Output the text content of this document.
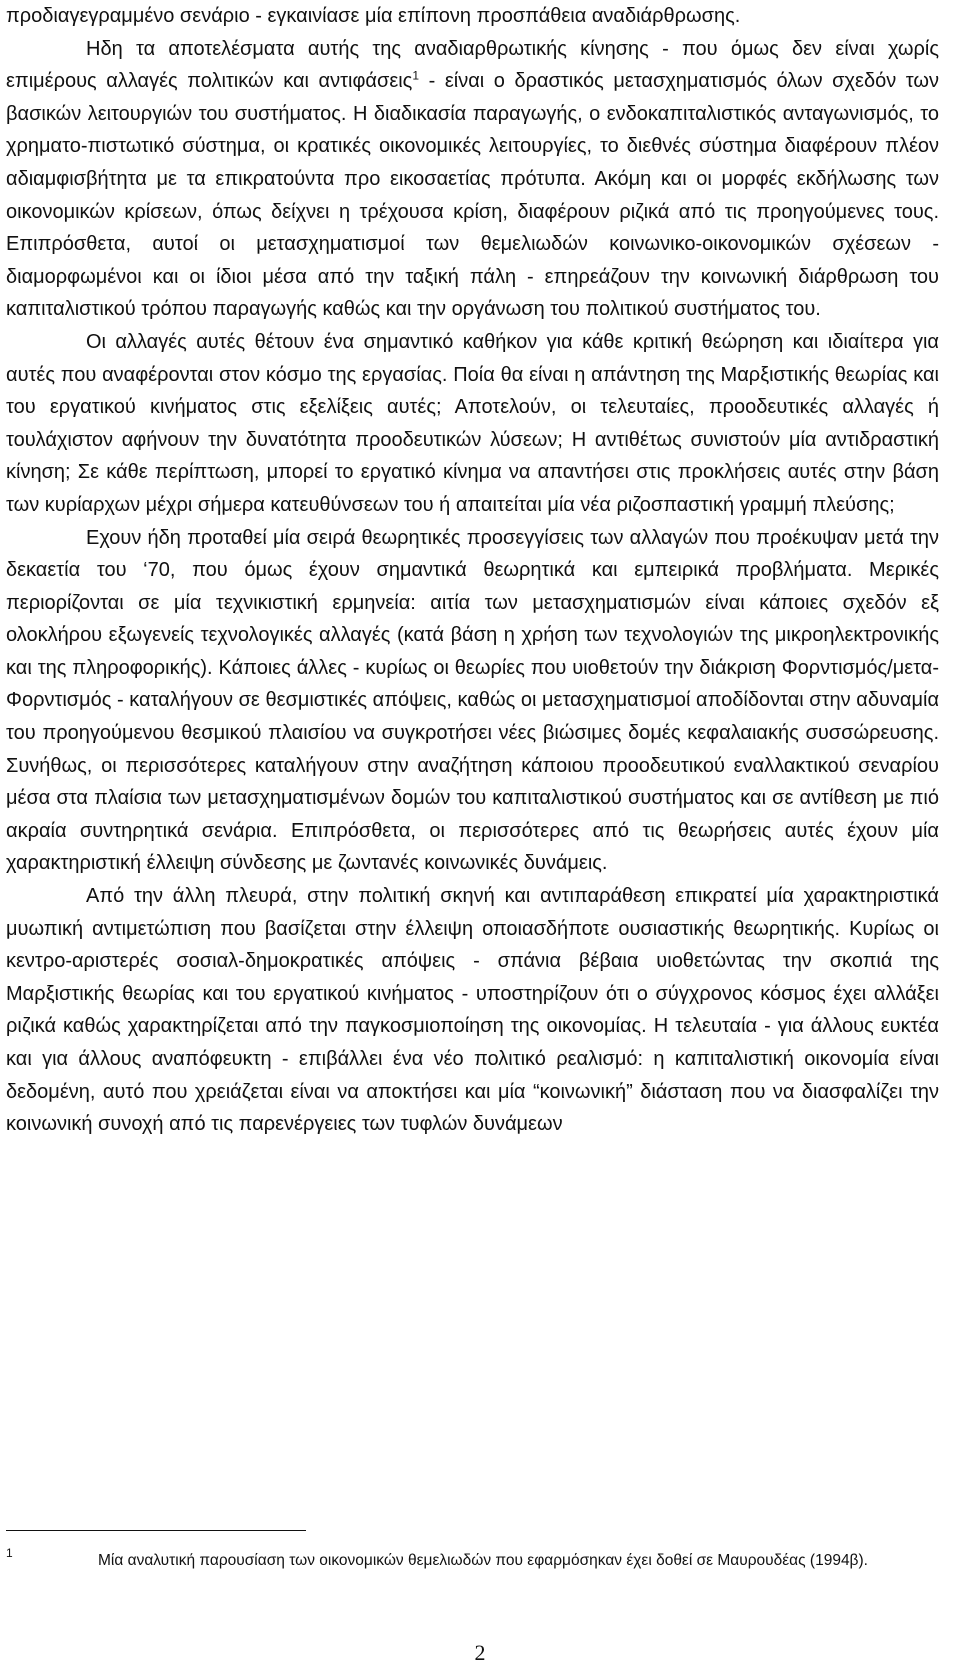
προδιαγεγραμμένο σενάριο - εγκαινίασε μία επίπονη προσπάθεια αναδιάρθρωσης.

Ηδη τα αποτελέσματα αυτής της αναδιαρθρωτικής κίνησης - που όμως δεν είναι χωρίς επιμέρους αλλαγές πολιτικών και αντιφάσεις$^1$ - είναι ο δραστικός μετασχηματισμός όλων σχεδόν των βασικών λειτουργιών του συστήματος. Η διαδικασία παραγωγής, ο ενδοκαπιταλιστικός ανταγωνισμός, το χρηματο-πιστωτικό σύστημα, οι κρατικές οικονομικές λειτουργίες, το διεθνές σύστημα διαφέρουν πλέον αδιαμφισβήτητα με τα επικρατούντα προ εικοσαετίας πρότυπα. Ακόμη και οι μορφές εκδήλωσης των οικονομικών κρίσεων, όπως δείχνει η τρέχουσα κρίση, διαφέρουν ριζικά από τις προηγούμενες τους. Επιπρόσθετα, αυτοί οι μετασχηματισμοί των θεμελιωδών κοινωνικο-οικονομικών σχέσεων - διαμορφωμένοι και οι ίδιοι μέσα από την ταξική πάλη - επηρεάζουν την κοινωνική διάρθρωση του καπιταλιστικού τρόπου παραγωγής καθώς και την οργάνωση του πολιτικού συστήματος του.

Οι αλλαγές αυτές θέτουν ένα σημαντικό καθήκον για κάθε κριτική θεώρηση και ιδιαίτερα για αυτές που αναφέρονται στον κόσμο της εργασίας. Ποία θα είναι η απάντηση της Μαρξιστικής θεωρίας και του εργατικού κινήματος στις εξελίξεις αυτές; Αποτελούν, οι τελευταίες, προοδευτικές αλλαγές ή τουλάχιστον αφήνουν την δυνατότητα προοδευτικών λύσεων; Η αντιθέτως συνιστούν μία αντιδραστική κίνηση; Σε κάθε περίπτωση, μπορεί το εργατικό κίνημα να απαντήσει στις προκλήσεις αυτές στην βάση των κυρίαρχων μέχρι σήμερα κατευθύνσεων του ή απαιτείται μία νέα ριζοσπαστική γραμμή πλεύσης;

Εχουν ήδη προταθεί μία σειρά θεωρητικές προσεγγίσεις των αλλαγών που προέκυψαν μετά την δεκαετία του ‘70, που όμως έχουν σημαντικά θεωρητικά και εμπειρικά προβλήματα. Μερικές περιορίζονται σε μία τεχνικιστική ερμηνεία: αιτία των μετασχηματισμών είναι κάποιες σχεδόν εξ ολοκλήρου εξωγενείς τεχνολογικές αλλαγές (κατά βάση η χρήση των τεχνολογιών της μικροηλεκτρονικής και της πληροφορικής). Κάποιες άλλες - κυρίως οι θεωρίες που υιοθετούν την διάκριση Φορντισμός/μετα-Φορντισμός - καταλήγουν σε θεσμιστικές απόψεις, καθώς οι μετασχηματισμοί αποδίδονται στην αδυναμία του προηγούμενου θεσμικού πλαισίου να συγκροτήσει νέες βιώσιμες δομές κεφαλαιακής συσσώρευσης. Συνήθως, οι περισσότερες καταλήγουν στην αναζήτηση κάποιου προοδευτικού εναλλακτικού σεναρίου μέσα στα πλαίσια των μετασχηματισμένων δομών του καπιταλιστικού συστήματος και σε αντίθεση με πιό ακραία συντηρητικά σενάρια. Επιπρόσθετα, οι περισσότερες από τις θεωρήσεις αυτές έχουν μία χαρακτηριστική έλλειψη σύνδεσης με ζωντανές κοινωνικές δυνάμεις.

Από την άλλη πλευρά, στην πολιτική σκηνή και αντιπαράθεση επικρατεί μία χαρακτηριστικά μυωπική αντιμετώπιση που βασίζεται στην έλλειψη οποιασδήποτε ουσιαστικής θεωρητικής. Κυρίως οι κεντρο-αριστερές σοσιαλ-δημοκρατικές απόψεις - σπάνια βέβαια υιοθετώντας την σκοπιά της Μαρξιστικής θεωρίας και του εργατικού κινήματος - υποστηρίζουν ότι ο σύγχρονος κόσμος έχει αλλάξει ριζικά καθώς χαρακτηρίζεται από την παγκοσμιοποίηση της οικονομίας. Η τελευταία - για άλλους ευκτέα και για άλλους αναπόφευκτη - επιβάλλει ένα νέο πολιτικό ρεαλισμό: η καπιταλιστική οικονομία είναι δεδομένη, αυτό που χρειάζεται είναι να αποκτήσει και μία “κοινωνική” διάσταση που να διασφαλίζει την κοινωνική συνοχή από τις παρενέργειες των τυφλών δυνάμεων

1	Μία αναλυτική παρουσίαση των οικονομικών θεμελιωδών που εφαρμόσηκαν έχει δοθεί σε Μαυρουδέας (1994β).
2
